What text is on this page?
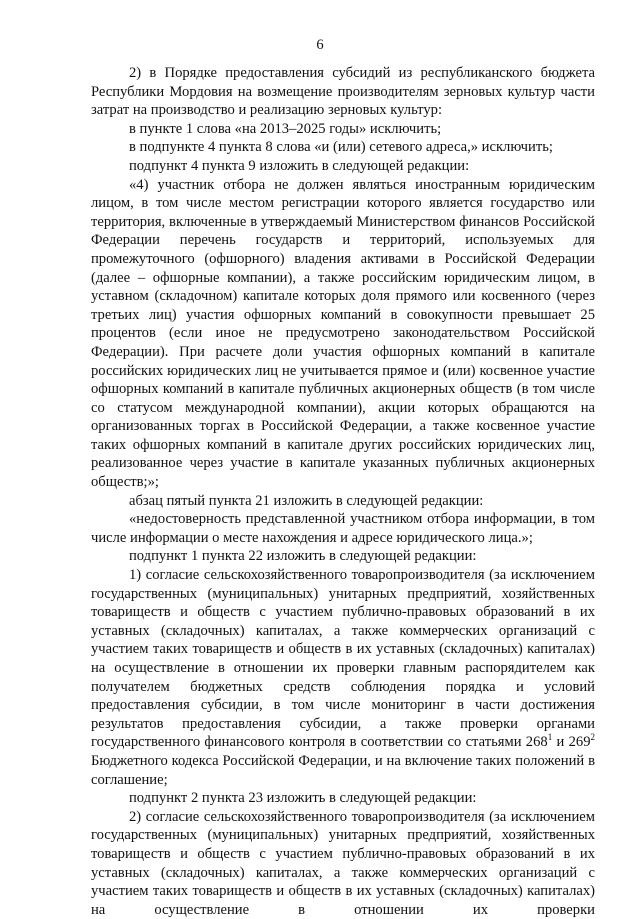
6

2) в Порядке предоставления субсидий из республиканского бюджета Республики Мордовия на возмещение производителям зерновых культур части затрат на производство и реализацию зерновых культур:

в пункте 1 слова «на 2013–2025 годы» исключить;

в подпункте 4 пункта 8 слова «и (или) сетевого адреса,» исключить;

подпункт 4 пункта 9 изложить в следующей редакции:

«4) участник отбора не должен являться иностранным юридическим лицом, в том числе местом регистрации которого является государство или территория, включенные в утверждаемый Министерством финансов Российской Федерации перечень государств и территорий, используемых для промежуточного (офшорного) владения активами в Российской Федерации (далее – офшорные компании), а также российским юридическим лицом, в уставном (складочном) капитале которых доля прямого или косвенного (через третьих лиц) участия офшорных компаний в совокупности превышает 25 процентов (если иное не предусмотрено законодательством Российской Федерации). При расчете доли участия офшорных компаний в капитале российских юридических лиц не учитывается прямое и (или) косвенное участие офшорных компаний в капитале публичных акционерных обществ (в том числе со статусом международной компании), акции которых обращаются на организованных торгах в Российской Федерации, а также косвенное участие таких офшорных компаний в капитале других российских юридических лиц, реализованное через участие в капитале указанных публичных акционерных обществ;»;

абзац пятый пункта 21 изложить в следующей редакции:

«недостоверность представленной участником отбора информации, в том числе информации о месте нахождения и адресе юридического лица.»;

подпункт 1 пункта 22 изложить в следующей редакции:

1) согласие сельскохозяйственного товаропроизводителя (за исключением государственных (муниципальных) унитарных предприятий, хозяйственных товариществ и обществ с участием публично-правовых образований в их уставных (складочных) капиталах, а также коммерческих организаций с участием таких товариществ и обществ в их уставных (складочных) капиталах) на осуществление в отношении их проверки главным распорядителем как получателем бюджетных средств соблюдения порядка и условий предоставления субсидии, в том числе мониторинг в части достижения результатов предоставления субсидии, а также проверки органами государственного финансового контроля в соответствии со статьями $268^1$ и $269^2$ Бюджетного кодекса Российской Федерации, и на включение таких положений в соглашение;

подпункт 2 пункта 23 изложить в следующей редакции:

2) согласие сельскохозяйственного товаропроизводителя (за исключением государственных (муниципальных) унитарных предприятий, хозяйственных товариществ и обществ с участием публично-правовых образований в их уставных (складочных) капиталах, а также коммерческих организаций с участием таких товариществ и обществ в их уставных (складочных) капиталах) на осуществление в отношении их проверки
